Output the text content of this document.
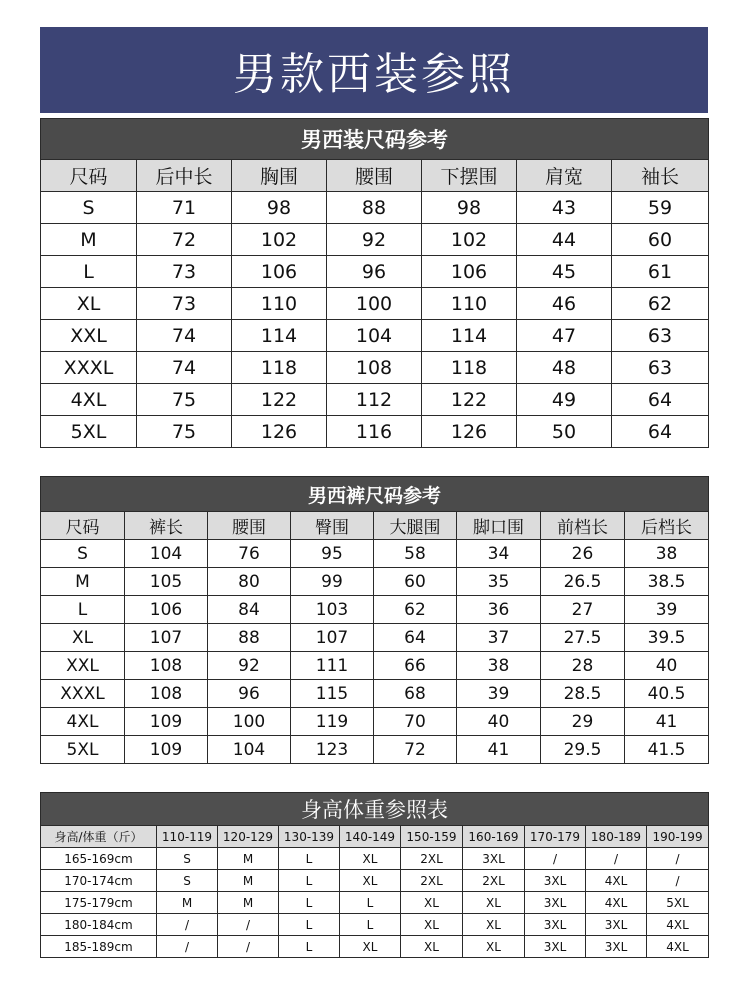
男款西装参照
男西装尺码参考						
尺码	后中长	胸围	腰围	下摆围	肩宽	袖长
S	71	98	88	98	43	59
M	72	102	92	102	44	60
L	73	106	96	106	45	61
XL	73	110	100	110	46	62
XXL	74	114	104	114	47	63
XXXL	74	118	108	118	48	63
4XL	75	122	112	122	49	64
5XL	75	126	116	126	50	64
男西裤尺码参考							
尺码	裤长	腰围	臀围	大腿围	脚口围	前档长	后档长
S	104	76	95	58	34	26	38
M	105	80	99	60	35	26.5	38.5
L	106	84	103	62	36	27	39
XL	107	88	107	64	37	27.5	39.5
XXL	108	92	111	66	38	28	40
XXXL	108	96	115	68	39	28.5	40.5
4XL	109	100	119	70	40	29	41
5XL	109	104	123	72	41	29.5	41.5
身高体重参照表									
身高/体重（斤）	110-119	120-129	130-139	140-149	150-159	160-169	170-179	180-189	190-199
165-169cm	S	M	L	XL	2XL	3XL	/	/	/
170-174cm	S	M	L	XL	2XL	2XL	3XL	4XL	/
175-179cm	M	M	L	L	XL	XL	3XL	4XL	5XL
180-184cm	/	/	L	L	XL	XL	3XL	3XL	4XL
185-189cm	/	/	L	XL	XL	XL	3XL	3XL	4XL
